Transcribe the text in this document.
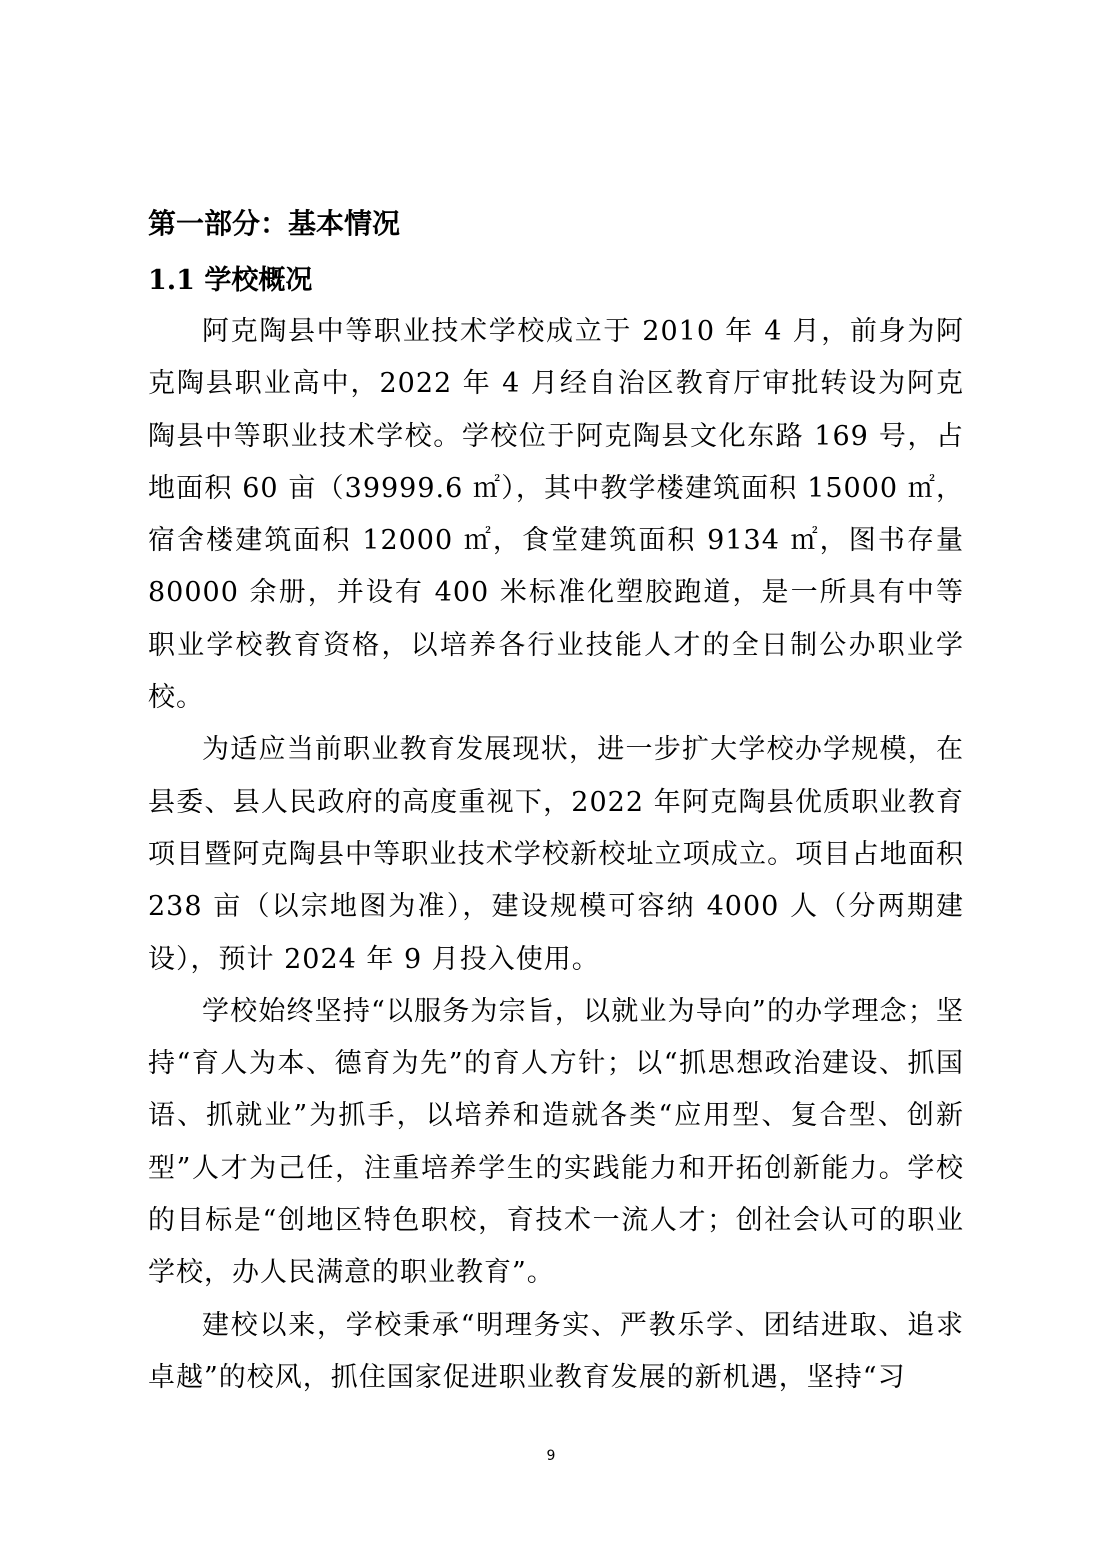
第一部分：基本情况
1.1 学校概况

阿克陶县中等职业技术学校成立于 2010 年 4 月，前身为阿克陶县职业高中，2022 年 4 月经自治区教育厅审批转设为阿克陶县中等职业技术学校。学校位于阿克陶县文化东路 169 号，占地面积 60 亩（39999.6 ㎡），其中教学楼建筑面积 15000 ㎡，宿舍楼建筑面积 12000 ㎡，食堂建筑面积 9134 ㎡，图书存量 80000 余册，并设有 400 米标准化塑胶跑道，是一所具有中等职业学校教育资格，以培养各行业技能人才的全日制公办职业学校。

为适应当前职业教育发展现状，进一步扩大学校办学规模，在县委、县人民政府的高度重视下，2022 年阿克陶县优质职业教育项目暨阿克陶县中等职业技术学校新校址立项成立。项目占地面积 238 亩（以宗地图为准），建设规模可容纳 4000 人（分两期建设），预计 2024 年 9 月投入使用。

学校始终坚持“以服务为宗旨，以就业为导向”的办学理念；坚持“育人为本、德育为先”的育人方针；以“抓思想政治建设、抓国语、抓就业”为抓手，以培养和造就各类“应用型、复合型、创新型”人才为己任，注重培养学生的实践能力和开拓创新能力。学校的目标是“创地区特色职校，育技术一流人才；创社会认可的职业学校，办人民满意的职业教育”。

建校以来，学校秉承“明理务实、严教乐学、团结进取、追求卓越”的校风，抓住国家促进职业教育发展的新机遇，坚持“习

9
